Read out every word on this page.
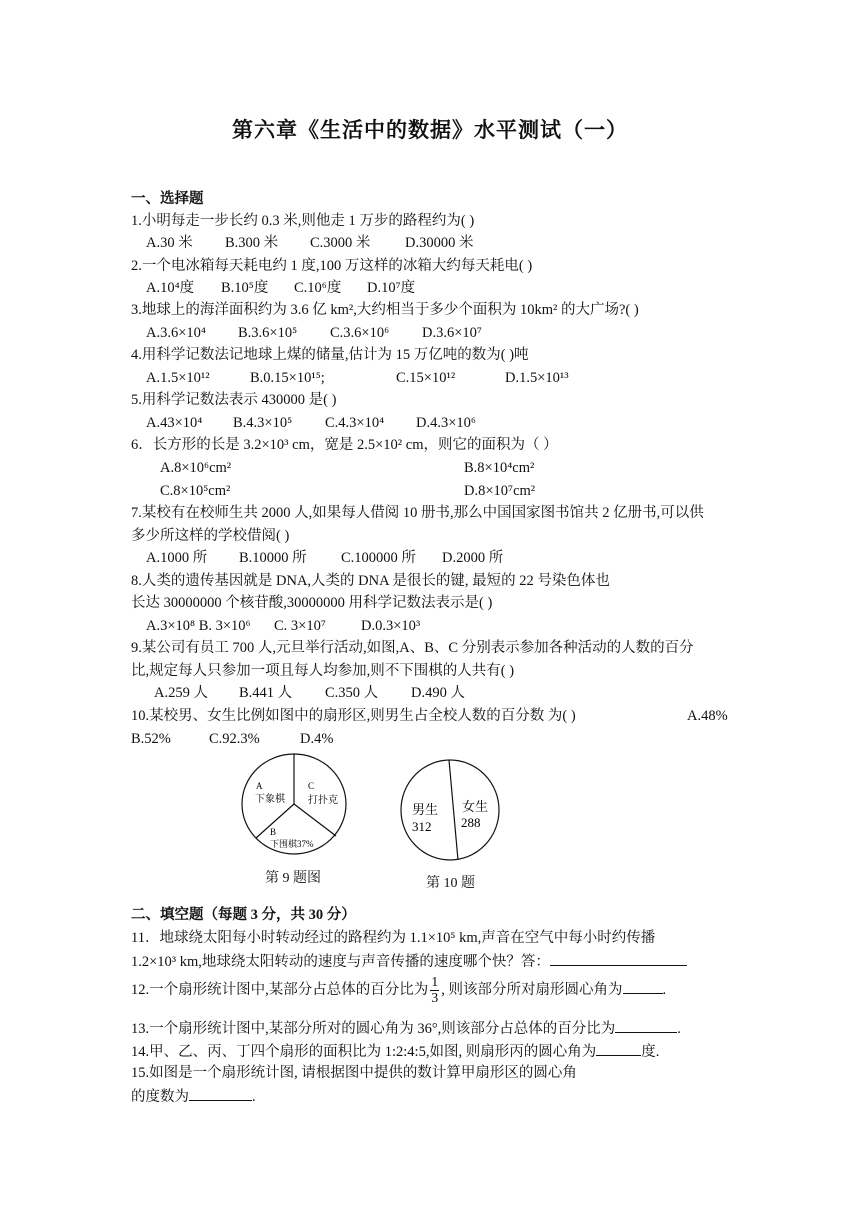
第六章《生活中的数据》水平测试（一）
一、选择题
1.小明每走一步长约 0.3 米,则他走 1 万步的路程约为( )
A.30 米 B.300 米 C.3000 米 D.30000 米
2.一个电冰箱每天耗电约 1 度,100 万这样的冰箱大约每天耗电( )
A.10⁴度 B.10⁵度 C.10⁶度 D.10⁷度
3.地球上的海洋面积约为 3.6 亿 km²,大约相当于多少个面积为 10km² 的大广场?( )
A.3.6×10⁴ B.3.6×10⁵ C.3.6×10⁶ D.3.6×10⁷
4.用科学记数法记地球上煤的储量,估计为 15 万亿吨的数为( )吨
A.1.5×10¹²	B.0.15×10¹⁵;	C.15×10¹²	D.1.5×10¹³
5.用科学记数法表示 430000 是( )
A.43×10⁴ B.4.3×10⁵ C.4.3×10⁴ D.4.3×10⁶
6．长方形的长是 3.2×10³ cm，宽是 2.5×10² cm，则它的面积为（ ）
A.8×10⁶cm²	B.8×10⁴cm²
C.8×10⁵cm²	D.8×10⁷cm²
7.某校有在校师生共 2000 人,如果每人借阅 10 册书,那么中国国家图书馆共 2 亿册书,可以供
多少所这样的学校借阅( )
A.1000 所 B.10000 所 C.100000 所 D.2000 所
8.人类的遗传基因就是 DNA,人类的 DNA 是很长的键, 最短的 22 号染色体也
长达 30000000 个核苷酸,30000000 用科学记数法表示是( )
A.3×10⁸ B. 3×10⁶ C. 3×10⁷ D.0.3×10³
9.某公司有员工 700 人,元旦举行活动,如图,A、B、C 分别表示参加各种活动的人数的百分
比,规定每人只参加一项且每人均参加,则不下围棋的人共有( )
A.259 人 B.441 人 C.350 人 D.490 人
10.某校男、女生比例如图中的扇形区,则男生占全校人数的百分数 为( )	A.48%
B.52%	C.92.3%	D.4%
A
下象棋
C
打扑克
B
下围棋37%
第 9 题图
男生
312
女生
288
第 10 题
二、填空题（每题 3 分，共 30 分）
11．地球绕太阳每小时转动经过的路程约为 1.1×10⁵ km,声音在空气中每小时约传播
1.2×10³ km,地球绕太阳转动的速度与声音传播的速度哪个快？答：
12.一个扇形统计图中,某部分占总体的百分比为 $\frac{1}{3}$ , 则该部分所对扇形圆心角为	.
13.一个扇形统计图中,某部分所对的圆心角为 36°,则该部分占总体的百分比为	.
14.甲、乙、丙、丁四个扇形的面积比为 1:2:4:5,如图, 则扇形丙的圆心角为	度.
15.如图是一个扇形统计图, 请根据图中提供的数计算甲扇形区的圆心角
的度数为	.
